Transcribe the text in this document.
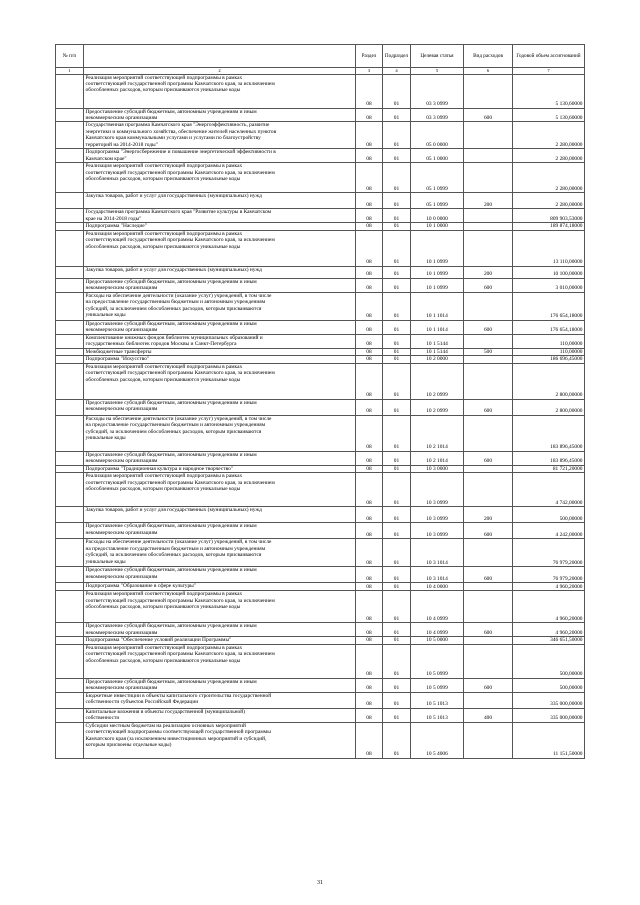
№ п/п		Раздел	Подраздел	Целевая статья	Вид расходов	Годовой объем ассигнований
1	2	3	4	5	6	7
	Реализация мероприятий соответствующей подпрограммы в рамках
соответствующей государственной программы Камчатского края, за исключением
обособленных расходов, которым присваиваются уникальные коды	08	01	03 3 0999		5 130,60000
	Предоставление субсидий бюджетным, автономным учреждениям и иным
некоммерческим организациям	08	01	03 3 0999	600	5 130,60000
	Государственная программа Камчатского края "Энергоэффективность, развитие
энергетики и коммунального хозяйства, обеспечение жителей населенных пунктов
Камчатского края коммунальными услугами и услугами по благоустройству
территорий на 2014-2018 годы"	08	01	05 0 0000		2 280,00000
	Подпрограмма "Энергосбережение и повышение энергетической эффективности в
Камчатском крае"	08	01	05 1 0000		2 280,00000
	Реализация мероприятий соответствующей подпрограммы в рамках
соответствующей государственной программы Камчатского края, за исключением
обособленных расходов, которым присваиваются уникальные коды	08	01	05 1 0999		2 280,00000
	Закупка товаров, работ и услуг для государственных (муниципальных) нужд	08	01	05 1 0999	200	2 280,00000
	Государственная программа Камчатского края "Развитие культуры в Камчатском
крае на 2014-2018 годы"	08	01	10 0 0000		809 903,53000
	Подпрограмма "Наследие"	08	01	10 1 0000		189 874,18000
	Реализация мероприятий соответствующей подпрограммы в рамках
соответствующей государственной программы Камчатского края, за исключением
обособленных расходов, которым присваиваются уникальные коды	08	01	10 1 0999		13 110,00000
	Закупка товаров, работ и услуг для государственных (муниципальных) нужд	08	01	10 1 0999	200	10 100,00000
	Предоставление субсидий бюджетным, автономным учреждениям и иным
некоммерческим организациям	08	01	10 1 0999	600	3 010,00000
	Расходы на обеспечение деятельности (оказание услуг) учреждений, в том числе
на предоставление государственным бюджетным и автономным учреждениям
субсидий, за исключением обособленных расходов, которым присваиваются
уникальные коды	08	01	10 1 1014		176 654,18000
	Предоставление субсидий бюджетным, автономным учреждениям и иным
некоммерческим организациям	08	01	10 1 1014	600	176 654,18000
	Комплектование книжных фондов библиотек муниципальных образований и
государственных библиотек городов Москвы и Санкт-Петербурга	08	01	10 1 5144		110,00000
	Межбюджетные трансферты	08	01	10 1 5144	500	110,00000
	Подпрограмма "Искусство"	08	01	10 2 0000		186 696,45000
	Реализация мероприятий соответствующей подпрограммы в рамках
соответствующей государственной программы Камчатского края, за исключением
обособленных расходов, которым присваиваются уникальные коды	08	01	10 2 0999		2 800,00000
	Предоставление субсидий бюджетным, автономным учреждениям и иным
некоммерческим организациям	08	01	10 2 0999	600	2 800,00000
	Расходы на обеспечение деятельности (оказание услуг) учреждений, в том числе
на предоставление государственным бюджетным и автономным учреждениям
субсидий, за исключением обособленных расходов, которым присваиваются
уникальные коды	08	01	10 2 1014		183 896,45000
	Предоставление субсидий бюджетным, автономным учреждениям и иным
некоммерческим организациям	08	01	10 2 1014	600	183 896,45000
	Подпрограмма "Традиционная культура и народное творчество"	08	01	10 3 0000		81 721,20000
	Реализация мероприятий соответствующей подпрограммы в рамках
соответствующей государственной программы Камчатского края, за исключением
обособленных расходов, которым присваиваются уникальные коды	08	01	10 3 0999		4 742,00000
	Закупка товаров, работ и услуг для государственных (муниципальных) нужд	08	01	10 3 0999	200	500,00000
	Предоставление субсидий бюджетным, автономным учреждениям и иным
некоммерческим организациям	08	01	10 3 0999	600	4 242,00000
	Расходы на обеспечение деятельности (оказание услуг) учреждений, в том числе
на предоставление государственным бюджетным и автономным учреждениям
субсидий, за исключением обособленных расходов, которым присваиваются
уникальные коды	08	01	10 3 1014		76 979,20000
	Предоставление субсидий бюджетным, автономным учреждениям и иным
некоммерческим организациям	08	01	10 3 1014	600	76 979,20000
	Подпрограмма "Образование в сфере культуры"	08	01	10 4 0000		4 960,20000
	Реализация мероприятий соответствующей подпрограммы в рамках
соответствующей государственной программы Камчатского края, за исключением
обособленных расходов, которым присваиваются уникальные коды	08	01	10 4 0999		4 960,20000
	Предоставление субсидий бюджетным, автономным учреждениям и иным
некоммерческим организациям	08	01	10 4 0999	600	4 960,20000
	Подпрограмма "Обеспечение условий реализации Программы"	08	01	10 5 0000		346 651,50000
	Реализация мероприятий соответствующей подпрограммы в рамках
соответствующей государственной программы Камчатского края, за исключением
обособленных расходов, которым присваиваются уникальные коды	08	01	10 5 0999		500,00000
	Предоставление субсидий бюджетным, автономным учреждениям и иным
некоммерческим организациям	08	01	10 5 0999	600	500,00000
	Бюджетные инвестиции в объекты капитального строительства государственной
собственности субъектов Российской Федерации	08	01	10 5 1013		335 000,00000
	Капитальные вложения в объекты государственной (муниципальной)
собственности	08	01	10 5 1013	400	335 000,00000
	Субсидии местным бюджетам на реализацию основных мероприятий
соответствующей подпрограммы соответствующей государственной программы
Камчатского края (за исключением инвестиционных мероприятий и субсидий,
которым присвоены отдельные коды)	08	01	10 5 4006		11 151,50000
31
